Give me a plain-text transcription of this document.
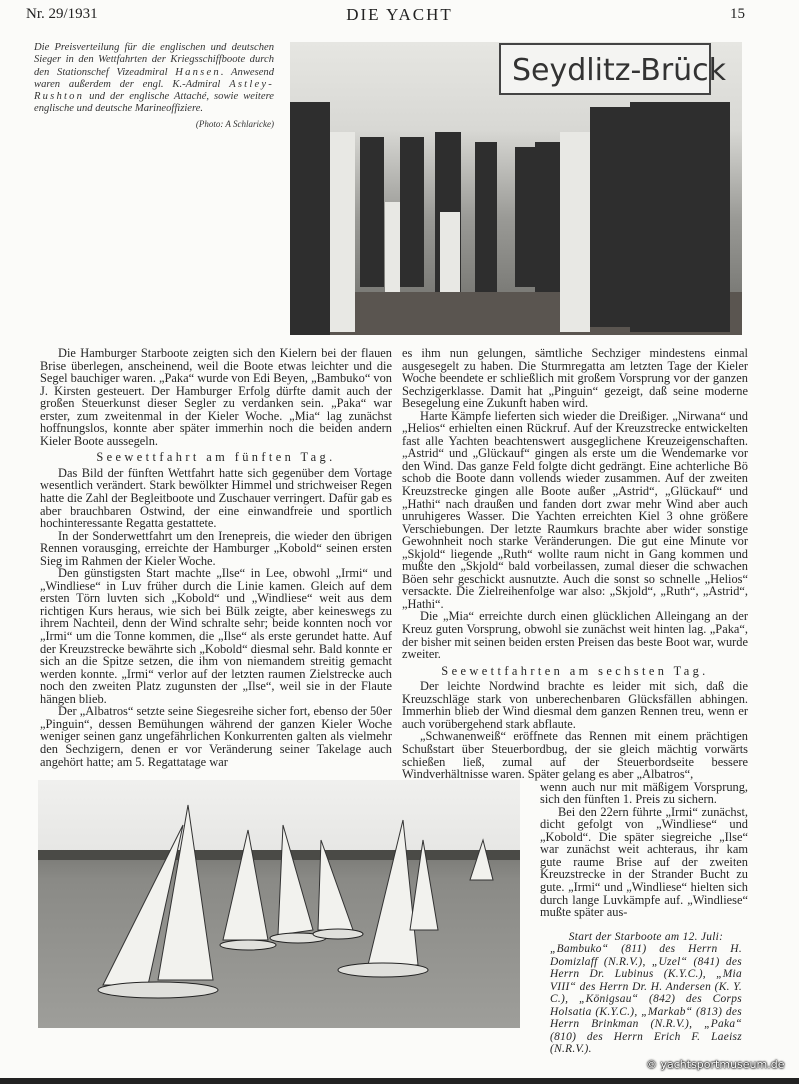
Nr. 29/1931	DIE YACHT	15
Die Preisverteilung für die englischen und deutschen Sieger in den Wettfahrten der Kriegsschiffboote durch den Stationschef Vizeadmiral Hansen. Anwesend waren außerdem der engl. K.-Admiral Astley-Rushton und der englische Attaché, sowie weitere englische und deutsche Marineoffiziere.
(Photo: A Schlaricke)
Seydlitz-Brück

Die Hamburger Starboote zeigten sich den Kielern bei der flauen Brise überlegen, anscheinend, weil die Boote etwas leichter und die Segel bauchiger waren. „Paka“ wurde von Edi Beyen, „Bambuko“ von J. Kirsten gesteuert. Der Hamburger Erfolg dürfte damit auch der großen Steuerkunst dieser Segler zu verdanken sein. „Paka“ war erster, zum zweitenmal in der Kieler Woche. „Mia“ lag zunächst hoffnungslos, konnte aber später immerhin noch die beiden andern Kieler Boote aussegeln.

Seewettfahrt am fünften Tag.

Das Bild der fünften Wettfahrt hatte sich gegenüber dem Vortage wesentlich verändert. Stark bewölkter Himmel und strichweiser Regen hatte die Zahl der Begleitboote und Zuschauer verringert. Dafür gab es aber brauchbaren Ostwind, der eine einwandfreie und sportlich hochinteressante Regatta gestattete.

In der Sonderwettfahrt um den Irenepreis, die wieder den übrigen Rennen vorausging, erreichte der Hamburger „Kobold“ seinen ersten Sieg im Rahmen der Kieler Woche.

Den günstigsten Start machte „Ilse“ in Lee, obwohl „Irmi“ und „Windliese“ in Luv früher durch die Linie kamen. Gleich auf dem ersten Törn luvten sich „Kobold“ und „Windliese“ weit aus dem richtigen Kurs heraus, wie sich bei Bülk zeigte, aber keineswegs zu ihrem Nachteil, denn der Wind schralte sehr; beide konnten noch vor „Irmi“ um die Tonne kommen, die „Ilse“ als erste gerundet hatte. Auf der Kreuzstrecke bewährte sich „Kobold“ diesmal sehr. Bald konnte er sich an die Spitze setzen, die ihm von niemandem streitig gemacht werden konnte. „Irmi“ verlor auf der letzten raumen Zielstrecke auch noch den zweiten Platz zugunsten der „Ilse“, weil sie in der Flaute hängen blieb.

Der „Albatros“ setzte seine Siegesreihe sicher fort, ebenso der 50er „Pinguin“, dessen Bemühungen während der ganzen Kieler Woche weniger seinen ganz ungefährlichen Konkurrenten galten als vielmehr den Sechzigern, denen er vor Veränderung seiner Takelage auch angehört hatte; am 5. Regattatage war

es ihm nun gelungen, sämtliche Sechziger mindestens einmal ausgesegelt zu haben. Die Sturmregatta am letzten Tage der Kieler Woche beendete er schließlich mit großem Vorsprung vor der ganzen Sechzigerklasse. Damit hat „Pinguin“ gezeigt, daß seine moderne Besegelung eine Zukunft haben wird.

Harte Kämpfe lieferten sich wieder die Dreißiger. „Nirwana“ und „Helios“ erhielten einen Rückruf. Auf der Kreuzstrecke entwickelten fast alle Yachten beachtenswert ausgeglichene Kreuzeigenschaften. „Astrid“ und „Glückauf“ gingen als erste um die Wendemarke vor den Wind. Das ganze Feld folgte dicht gedrängt. Eine achterliche Bö schob die Boote dann vollends wieder zusammen. Auf der zweiten Kreuzstrecke gingen alle Boote außer „Astrid“, „Glückauf“ und „Hathi“ nach draußen und fanden dort zwar mehr Wind aber auch unruhigeres Wasser. Die Yachten erreichten Kiel 3 ohne größere Verschiebungen. Der letzte Raumkurs brachte aber wider sonstige Gewohnheit noch starke Veränderungen. Die gut eine Minute vor „Skjold“ liegende „Ruth“ wollte raum nicht in Gang kommen und mußte den „Skjold“ bald vorbeilassen, zumal dieser die schwachen Böen sehr geschickt ausnutzte. Auch die sonst so schnelle „Helios“ versackte. Die Zielreihenfolge war also: „Skjold“, „Ruth“, „Astrid“, „Hathi“.

Die „Mia“ erreichte durch einen glücklichen Alleingang an der Kreuz guten Vorsprung, obwohl sie zunächst weit hinten lag. „Paka“, der bisher mit seinen beiden ersten Preisen das beste Boot war, wurde zweiter.

Seewettfahrten am sechsten Tag.

Der leichte Nordwind brachte es leider mit sich, daß die Kreuzschläge stark von unberechenbaren Glücksfällen abhingen. Immerhin blieb der Wind diesmal dem ganzen Rennen treu, wenn er auch vorübergehend stark abflaute.

„Schwanenweiß“ eröffnete das Rennen mit einem prächtigen Schußstart über Steuerbordbug, der sie gleich mächtig vorwärts schießen ließ, zumal auf der Steuerbordseite bessere Windverhältnisse waren. Später gelang es aber „Albatros“,

wenn auch nur mit mäßigem Vorsprung, sich den fünften 1. Preis zu sichern.

Bei den 22ern führte „Irmi“ zunächst, dicht gefolgt von „Windliese“ und „Kobold“. Die später siegreiche „Ilse“ war zunächst weit achteraus, ihr kam gute raume Brise auf der zweiten Kreuzstrecke in der Strander Bucht zu gute. „Irmi“ und „Windliese“ hielten sich durch lange Luvkämpfe auf. „Windliese“ mußte später aus-

Start der Starboote am 12. Juli:
„Bambuko“ (811) des Herrn H. Domizlaff (N.R.V.), „Uzel“ (841) des Herrn Dr. Lubinus (K.Y.C.), „Mia VIII“ des Herrn Dr. H. Andersen (K. Y. C.), „Königsau“ (842) des Corps Holsatia (K.Y.C.), „Markab“ (813) des Herrn Brinkman (N.R.V.), „Paka“ (810) des Herrn Erich F. Laeisz (N.R.V.).
© yachtsportmuseum.de
